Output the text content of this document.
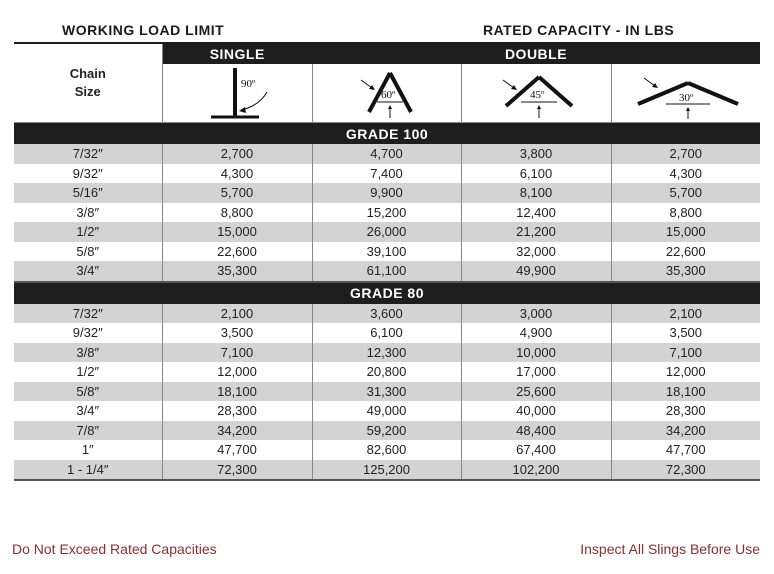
WORKING LOAD LIMIT	RATED CAPACITY - IN LBS
Chain
Size	SINGLE	DOUBLE		

90º	60º	45º	30º

GRADE 100				
7/32″	2,700	4,700	3,800	2,700
9/32″	4,300	7,400	6,100	4,300
5/16″	5,700	9,900	8,100	5,700
3/8″	8,800	15,200	12,400	8,800
1/2″	15,000	26,000	21,200	15,000
5/8″	22,600	39,100	32,000	22,600
3/4″	35,300	61,100	49,900	35,300
GRADE 80				
7/32″	2,100	3,600	3,000	2,100
9/32″	3,500	6,100	4,900	3,500
3/8″	7,100	12,300	10,000	7,100
1/2″	12,000	20,800	17,000	12,000
5/8″	18,100	31,300	25,600	18,100
3/4″	28,300	49,000	40,000	28,300
7/8″	34,200	59,200	48,400	34,200
1″	47,700	82,600	67,400	47,700
1 - 1/4″	72,300	125,200	102,200	72,300
Do Not Exceed Rated Capacities	Inspect All Slings Before Use
